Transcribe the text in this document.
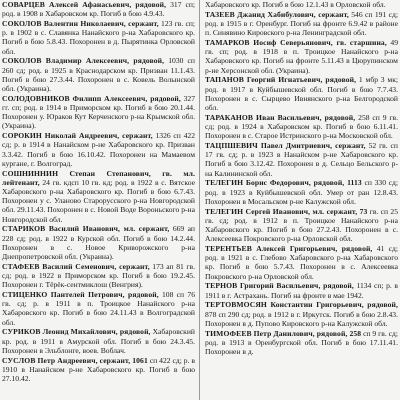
СОВАРЦЕВ Алексей Афанасьевич, рядовой, 317 сп; род. в 1908 в Хабаровском кр. Погиб в бою 4.9.43.

СОКОЛОВ Валентин Николаевич, сержант, 123 гв. сп; р. в 1902 в с. Славянка Нанайского р-на Хабаровского кр. Погиб в бою 5.8.43. Похоронен в д. Пырятинка Орловской обл.

СОКОЛОВ Владимир Алексеевич, рядовой, 1030 сп 260 сд; род. в 1925 в Краснодарском кр. Призван 11.1.43. Погиб в бою 27.3.44. Похоронен в с. Ковель Волынской обл. (Украина).

СОЛОДОВНИКОВ Филипп Алексеевич, рядовой, 327 гг. сп; род. в 1914 в Приморском кр. Погиб в бою 20.1.44. Похоронен у. Юраков Кут Керченского р-на Крымской обл. (Украина).

СОРОКИН Николай Андреевич, сержант, 1326 сп 422 сд; р. в 1914 в Нанайском р-не Хабаровского кр. Призван 3.3.42. Погиб в бою 16.10.42. Похоронен на Мамаевом кургане, г. Волгоград.

СОШНИННИН Степан Степанович, гв. мл. лейтенант, 24 гв. кдсп 10 гв. кд; род. в 1922 в с. Вятское Хабаровского р-на Хабаровского кр. Погиб в бою 6.7.43. Похоронен у с. Уланово Старорусского р-на Новгородской обл. 29.11.43. Похоронен в с. Новой Воде Вороньского р-на Новгородской обл.

СТАРИКОВ Василий Иванович, мл. сержант, 669 ап 228 сд; род. в 1922 в Курской обл. Погиб в бою 14.2.44. Похоронен в с. Новое Криворожского р-на Днепропетровской обл. (Украина).

СТАФЕЕВ Василий Семенович, сержант, 173 ап 81 гв. сд; род. в 1922 в Приморском кр. Погиб в бою 19.2.45. Похоронен г. Тёрёк-сентмиклош (Венгрия).

СТИЦЕНКО Пантелей Петрович, рядовой, 108 сп 76 гв. сд; р. в 1911 в п. Троицкое Нанайского р-на Хабаровского кр. Погиб в бою 24.11.43 в Волгоградской обл.

СУРИКОВ Леонид Михайлович, рядовой, Хабаровский кр. род. в 1911 в Амурской обл. Погиб в бою 24.3.45. Похоронен в Эльблонге, воев. Воблач.

СУСЛОВ Петр Андреевич, сержант, 1061 сп 422 сд; р. в 1910 в Нанайском р-не Хабаровского кр. Погиб в бою 27.10.42.

Хабаровского кр. Погиб в бою 12.1.43 в Орловской обл.

ТАЗЕЕВ Джанид Хабибулович, сержант, 546 сп 191 сд; род. в 1915 в г. Оренбург. Погиб на фронте 6.9.42 в районе п. Синявино Кировского р-на Ленинградской обл.

ТАМАРКОВ Иосиф Северьянович, гв. старшина, 49 гв. сп; род. в 1918 в п. Троицкое Нанайского р-на Хабаровского кр. Погиб на фронте 5.11.43 в Цюрупинском р-не Херсонской обл. (Украина).

ТАПАНОВ Георгий Игнатьевич, рядовой, 1 мбр 3 мк; род. в 1917 в Куйбышевской обл. Погиб в бою 7.7.43. Похоронен в с. Сырцево Ивнянского р-на Белгородской обл.

ТАРАКАНОВ Иван Васильевич, рядовой, 258 сп 9 гв. сд; род. в 1924 в Хабаровском кр. Погиб в бою 6.11.41. Похоронен в с. Старое Истринского р-на Московской обл.

ТАЦПШЕВИЧ Павел Дмитриевич, сержант, 52 гв. сп 17 гв. сд; р. в 1923 в Нанайском р-не Хабаровского кр. Погиб в бою 3.12.42. Похоронен в д. Сельцо Бельского р-на Калининской обл.

ТЕЛЕГИН Борис Федорович, рядовой, 1113 сп 330 сд; род. в 1923 в Куйбышевской обл. Умер от ран 12.8.43. Похоронен в Мосальском р-не Калужской обл.

ТЕЛЕГИН Сергей Иванович, мл. сержант, 73 гв. сп 25 гв. сд; род. в 1912 в п. Троицкое Нанайского р-на Хабаровского кр. Погиб в бою 27.2.43. Похоронен в с. Алексеевка Покровского р-на Орловской обл.

ТЕРЕНТЬЕВ Алексей Григорьевич, рядовой, 41 сд; род. в 1921 в с. Глебово Хабаровского р-на Хабаровского кр. Погиб в бою 5.7.43. Похоронен в с. Алексеевка Покровского р-на Орловской обл.

ТЕРНОВ Григорий Васильевич, рядовой, 1134 сп; р. в 1911 в г. Астрахань. Погиб на фронте в мае 1942.

ТЕРТОВМОСЯН Константин Григорьевич, рядовой, 878 сп 290 сд; род. в 1912 в г. Иркутск. Погиб в бою 2.8.43. Похоронен в д. Пупово Кировского р-на Калужской обл.

ТИМОФЕЕВ Петр Данилович, рядовой, 258 сп 9 гв. сд; род. в 1913 в Оренбургской обл. Погиб в бою 17.11.41. Похоронен в д.
